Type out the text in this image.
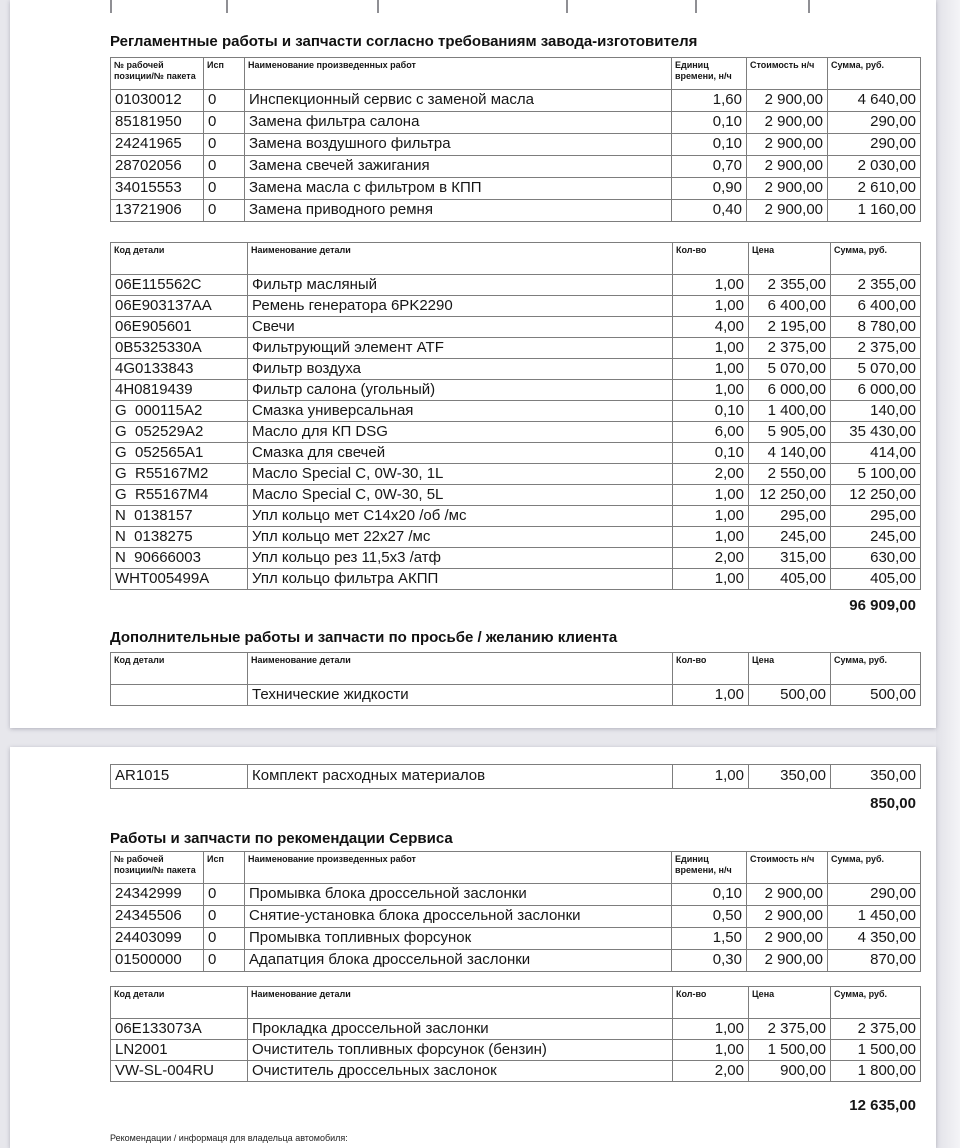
Регламентные работы и запчасти согласно требованиям завода-изготовителя
№ рабочей позиции/№ пакета	Исп	Наименование произведенных работ	Единиц времени, н/ч	Стоимость н/ч	Сумма, руб.
01030012	0	Инспекционный сервис с заменой масла	1,60	2 900,00	4 640,00
85181950	0	Замена фильтра салона	0,10	2 900,00	290,00
24241965	0	Замена воздушного фильтра	0,10	2 900,00	290,00
28702056	0	Замена свечей зажигания	0,70	2 900,00	2 030,00
34015553	0	Замена масла с фильтром в КПП	0,90	2 900,00	2 610,00
13721906	0	Замена приводного ремня	0,40	2 900,00	1 160,00
Код детали	Наименование детали	Кол-во	Цена	Сумма, руб.
06E115562C	Фильтр масляный	1,00	2 355,00	2 355,00
06E903137AA	Ремень генератора 6PK2290	1,00	6 400,00	6 400,00
06E905601	Свечи	4,00	2 195,00	8 780,00
0B5325330A	Фильтрующий элемент ATF	1,00	2 375,00	2 375,00
4G0133843	Фильтр воздуха	1,00	5 070,00	5 070,00
4H0819439	Фильтр салона (угольный)	1,00	6 000,00	6 000,00
G  000115A2	Смазка универсальная	0,10	1 400,00	140,00
G  052529A2	Масло для КП DSG	6,00	5 905,00	35 430,00
G  052565A1	Смазка для свечей	0,10	4 140,00	414,00
G  R55167M2	Масло Special C, 0W-30, 1L	2,00	2 550,00	5 100,00
G  R55167M4	Масло Special C, 0W-30, 5L	1,00	12 250,00	12 250,00
N  0138157	Упл кольцо мет C14x20 /об /мс	1,00	295,00	295,00
N  0138275	Упл кольцо мет 22x27 /мс	1,00	245,00	245,00
N  90666003	Упл кольцо рез 11,5x3 /атф	2,00	315,00	630,00
WHT005499A	Упл кольцо фильтра АКПП	1,00	405,00	405,00
96 909,00
Дополнительные работы и запчасти по просьбе / желанию клиента
Код детали	Наименование детали	Кол-во	Цена	Сумма, руб.
	Технические жидкости	1,00	500,00	500,00
AR1015	Комплект расходных материалов	1,00	350,00	350,00
850,00
Работы и запчасти по рекомендации Сервиса
№ рабочей позиции/№ пакета	Исп	Наименование произведенных работ	Единиц времени, н/ч	Стоимость н/ч	Сумма, руб.
24342999	0	Промывка блока дроссельной заслонки	0,10	2 900,00	290,00
24345506	0	Снятие-установка блока дроссельной заслонки	0,50	2 900,00	1 450,00
24403099	0	Промывка топливных форсунок	1,50	2 900,00	4 350,00
01500000	0	Адапатция блока дроссельной заслонки	0,30	2 900,00	870,00
Код детали	Наименование детали	Кол-во	Цена	Сумма, руб.
06E133073A	Прокладка дроссельной заслонки	1,00	2 375,00	2 375,00
LN2001	Очиститель топливных форсунок (бензин)	1,00	1 500,00	1 500,00
VW-SL-004RU	Очиститель дроссельных заслонок	2,00	900,00	1 800,00
12 635,00
Рекомендации / информаця для владельца автомобиля:
